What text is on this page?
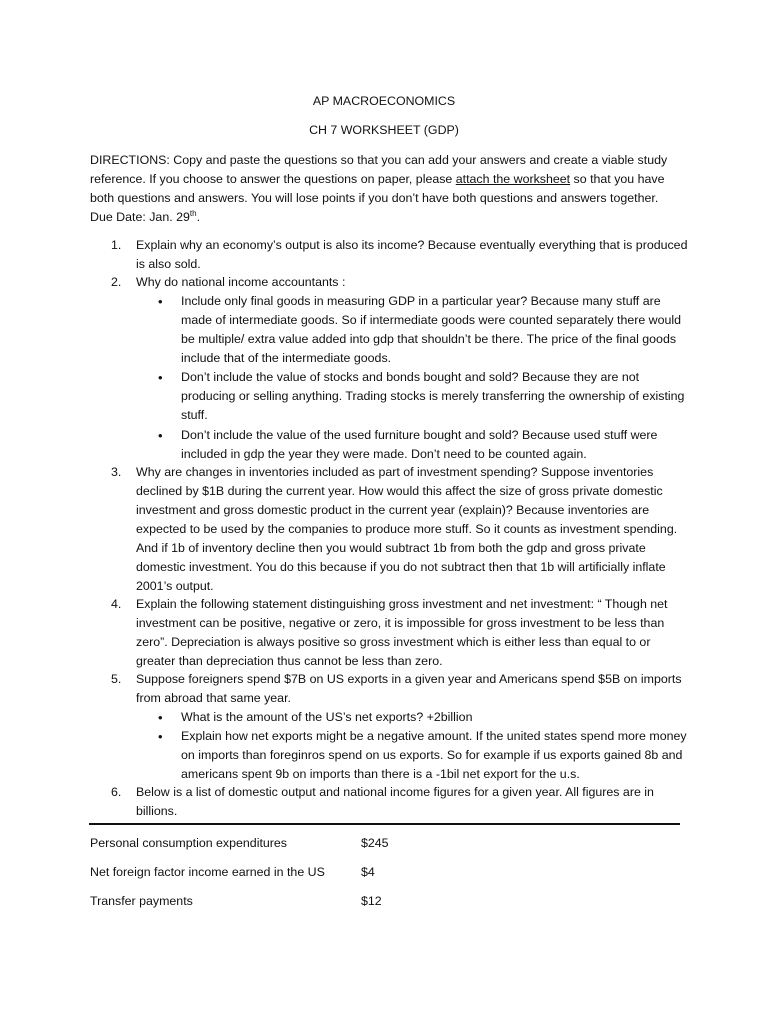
AP MACROECONOMICS
CH 7 WORKSHEET (GDP)
DIRECTIONS: Copy and paste the questions so that you can add your answers and create a viable study reference. If you choose to answer the questions on paper, please attach the worksheet so that you have both questions and answers. You will lose points if you don’t have both questions and answers together. Due Date: Jan. 29th.
1. Explain why an economy’s output is also its income? Because eventually everything that is produced is also sold.
2. Why do national income accountants :
• Include only final goods in measuring GDP in a particular year? Because many stuff are made of intermediate goods. So if intermediate goods were counted separately there would be multiple/ extra value added into gdp that shouldn’t be there. The price of the final goods include that of the intermediate goods.
• Don’t include the value of stocks and bonds bought and sold? Because they are not producing or selling anything. Trading stocks is merely transferring the ownership of existing stuff.
• Don’t include the value of the used furniture bought and sold? Because used stuff were included in gdp the year they were made. Don’t need to be counted again.
3. Why are changes in inventories included as part of investment spending? Suppose inventories declined by $1B during the current year. How would this affect the size of gross private domestic investment and gross domestic product in the current year (explain)? Because inventories are expected to be used by the companies to produce more stuff. So it counts as investment spending. And if 1b of inventory decline then you would subtract 1b from both the gdp and gross private domestic investment. You do this because if you do not subtract then that 1b will artificially inflate 2001’s output.
4. Explain the following statement distinguishing gross investment and net investment: “ Though net investment can be positive, negative or zero, it is impossible for gross investment to be less than zero”. Depreciation is always positive so gross investment which is either less than equal to or greater than depreciation thus cannot be less than zero.
5. Suppose foreigners spend $7B on US exports in a given year and Americans spend $5B on imports from abroad that same year.
• What is the amount of the US’s net exports? +2billion
• Explain how net exports might be a negative amount. If the united states spend more money on imports than foreginros spend on us exports. So for example if us exports gained 8b and americans spent 9b on imports than there is a -1bil net export for the u.s.
6. Below is a list of domestic output and national income figures for a given year. All figures are in billions.
Personal consumption expenditures	$245
Net foreign factor income earned in the US	$4
Transfer payments	$12
